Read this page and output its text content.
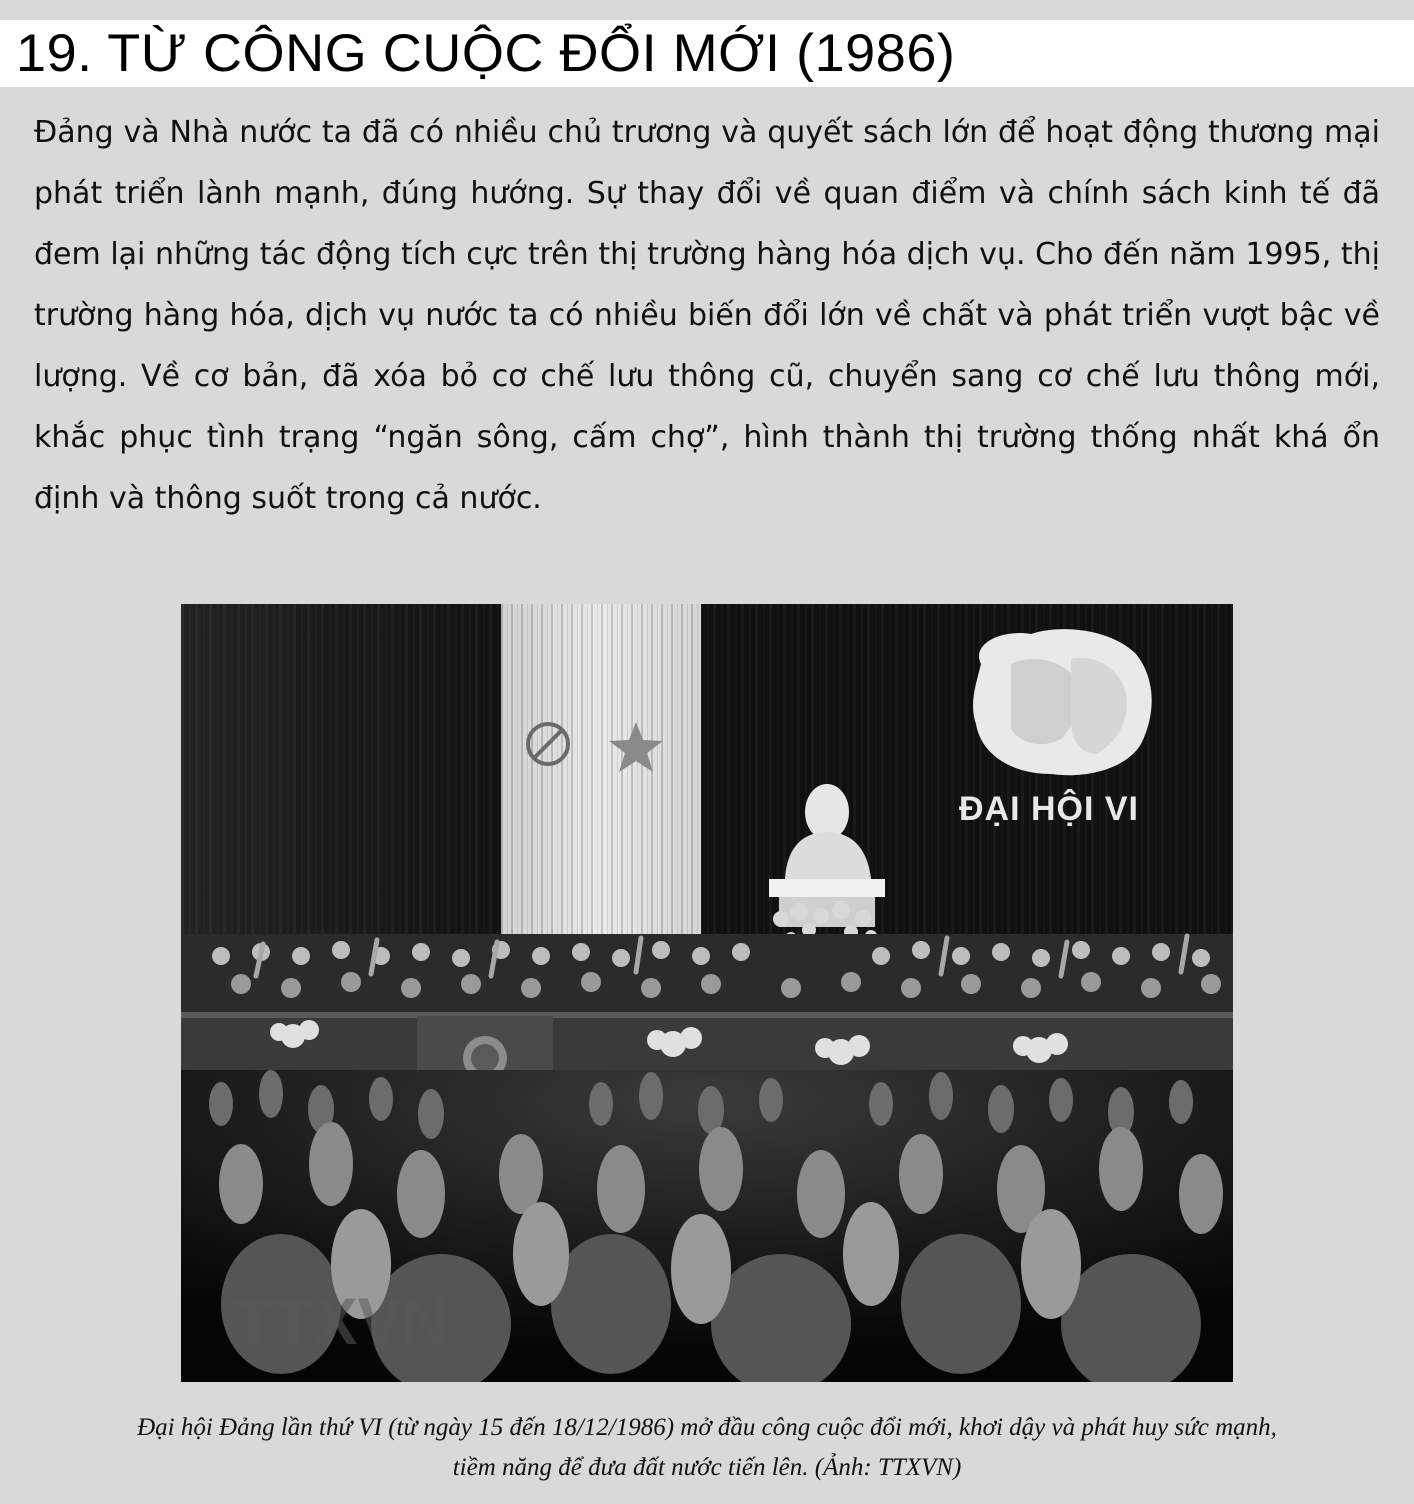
19. TỪ CÔNG CUỘC ĐỔI MỚI (1986)

Đảng và Nhà nước ta đã có nhiều chủ trương và quyết sách lớn để hoạt động thương mại phát triển lành mạnh, đúng hướng. Sự thay đổi về quan điểm và chính sách kinh tế đã đem lại những tác động tích cực trên thị trường hàng hóa dịch vụ. Cho đến năm 1995, thị trường hàng hóa, dịch vụ nước ta có nhiều biến đổi lớn về chất và phát triển vượt bậc về lượng. Về cơ bản, đã xóa bỏ cơ chế lưu thông cũ, chuyển sang cơ chế lưu thông mới, khắc phục tình trạng “ngăn sông, cấm chợ”, hình thành thị trường thống nhất khá ổn định và thông suốt trong cả nước.

ĐẠI HỘI VI
TTXVN

Đại hội Đảng lần thứ VI (từ ngày 15 đến 18/12/1986) mở đầu công cuộc đổi mới, khơi dậy và phát huy sức mạnh,
tiềm năng để đưa đất nước tiến lên. (Ảnh: TTXVN)
